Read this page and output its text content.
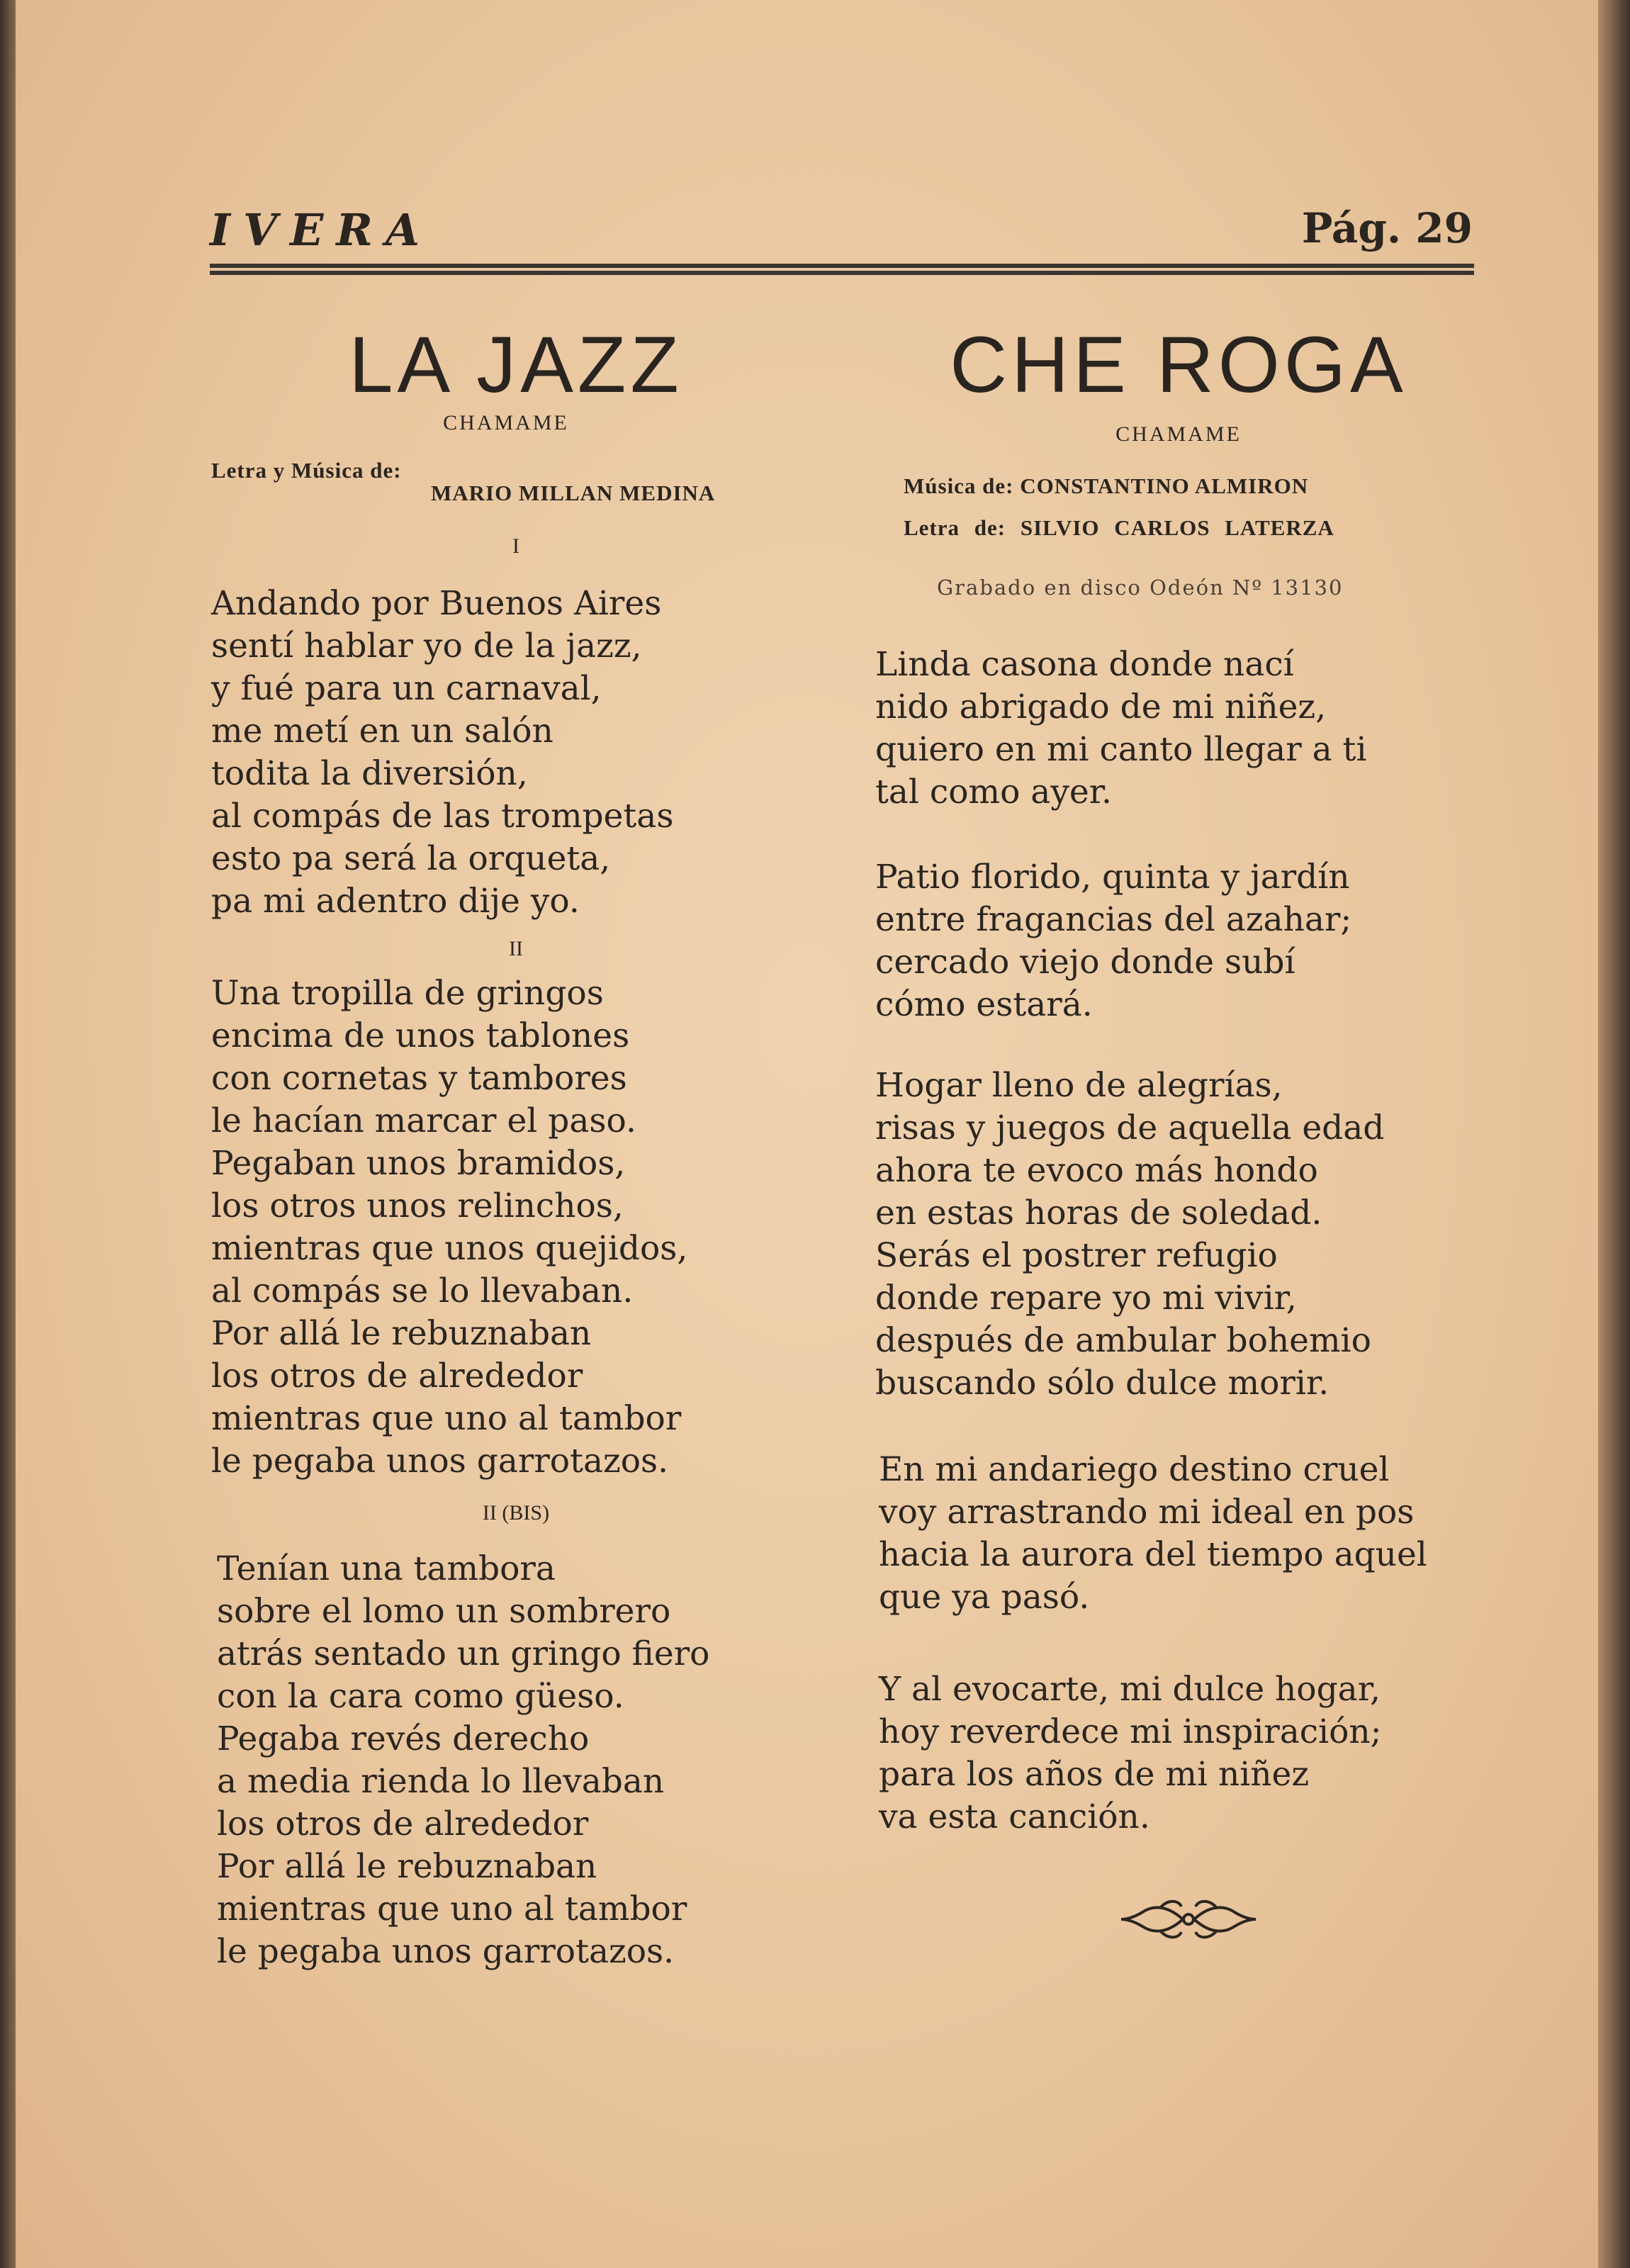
IVERA	Pág. 29
LA JAZZ
CHAMAME
Letra y Música de:
MARIO MILLAN MEDINA
I
Andando por Buenos Aires
sentí hablar yo de la jazz,
y fué para un carnaval,
me metí en un salón
todita la diversión,
al compás de las trompetas
esto pa será la orqueta,
pa mi adentro dije yo.
II
Una tropilla de gringos
encima de unos tablones
con cornetas y tambores
le hacían marcar el paso.
Pegaban unos bramidos,
los otros unos relinchos,
mientras que unos quejidos,
al compás se lo llevaban.
Por allá le rebuznaban
los otros de alrededor
mientras que uno al tambor
le pegaba unos garrotazos.
II (BIS)
Tenían una tambora
sobre el lomo un sombrero
atrás sentado un gringo fiero
con la cara como güeso.
Pegaba revés derecho
a media rienda lo llevaban
los otros de alrededor
Por allá le rebuznaban
mientras que uno al tambor
le pegaba unos garrotazos.
CHE ROGA
CHAMAME
Música de: CONSTANTINO ALMIRON
Letra de: SILVIO CARLOS LATERZA
Grabado en disco Odeón Nº 13130
Linda casona donde nací
nido abrigado de mi niñez,
quiero en mi canto llegar a ti
tal como ayer.
Patio florido, quinta y jardín
entre fragancias del azahar;
cercado viejo donde subí
cómo estará.
Hogar lleno de alegrías,
risas y juegos de aquella edad
ahora te evoco más hondo
en estas horas de soledad.
Serás el postrer refugio
donde repare yo mi vivir,
después de ambular bohemio
buscando sólo dulce morir.
En mi andariego destino cruel
voy arrastrando mi ideal en pos
hacia la aurora del tiempo aquel
que ya pasó.
Y al evocarte, mi dulce hogar,
hoy reverdece mi inspiración;
para los años de mi niñez
va esta canción.
